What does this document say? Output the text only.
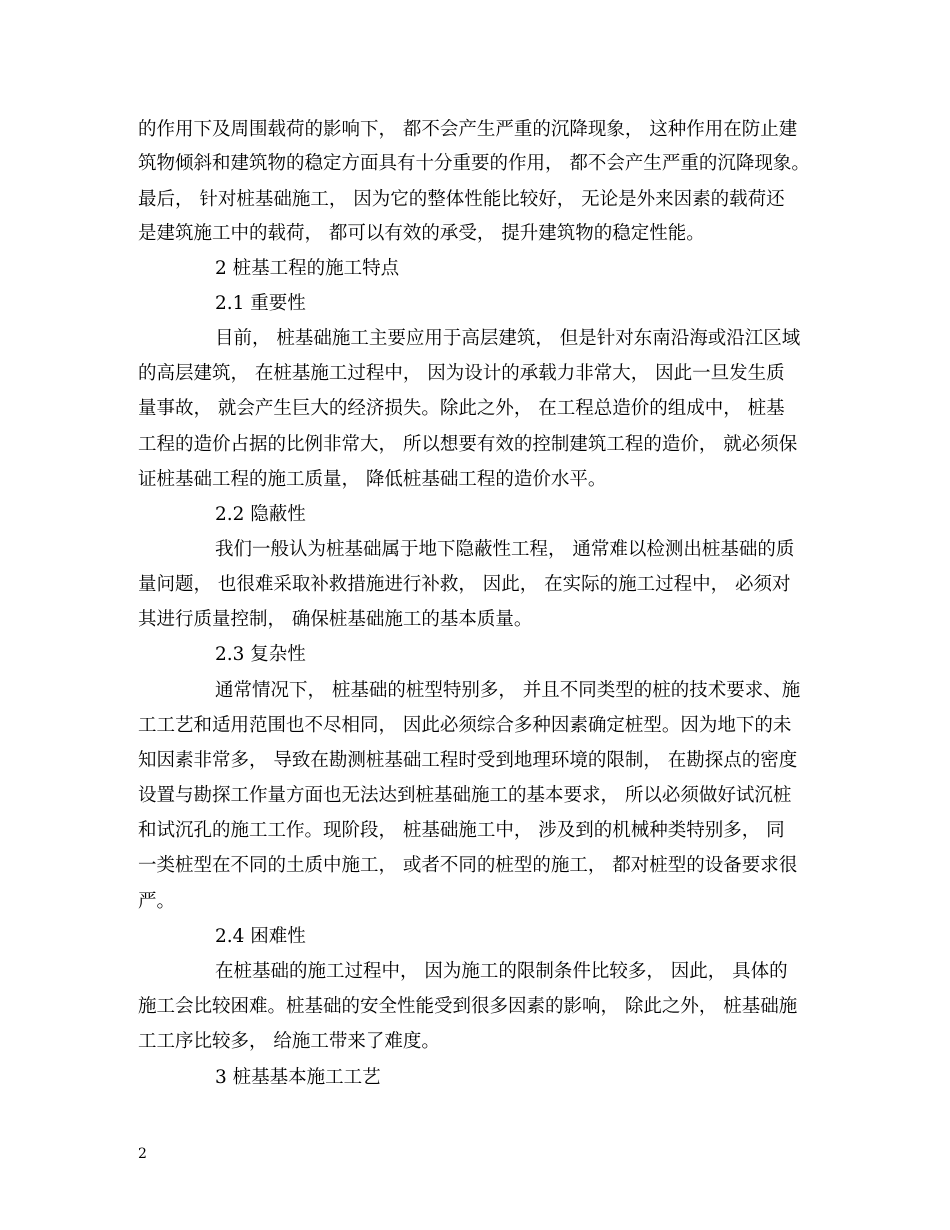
的作用下及周围载荷的影响下， 都不会产生严重的沉降现象， 这种作用在防止建
筑物倾斜和建筑物的稳定方面具有十分重要的作用， 都不会产生严重的沉降现象。
最后， 针对桩基础施工， 因为它的整体性能比较好， 无论是外来因素的载荷还
是建筑施工中的载荷， 都可以有效的承受， 提升建筑物的稳定性能。
2 桩基工程的施工特点
2.1 重要性
目前， 桩基础施工主要应用于高层建筑， 但是针对东南沿海或沿江区域
的高层建筑， 在桩基施工过程中， 因为设计的承载力非常大， 因此一旦发生质
量事故， 就会产生巨大的经济损失。除此之外， 在工程总造价的组成中， 桩基
工程的造价占据的比例非常大， 所以想要有效的控制建筑工程的造价， 就必须保
证桩基础工程的施工质量， 降低桩基础工程的造价水平。
2.2 隐蔽性
我们一般认为桩基础属于地下隐蔽性工程， 通常难以检测出桩基础的质
量问题， 也很难采取补救措施进行补救， 因此， 在实际的施工过程中， 必须对
其进行质量控制， 确保桩基础施工的基本质量。
2.3 复杂性
通常情况下， 桩基础的桩型特别多， 并且不同类型的桩的技术要求、施
工工艺和适用范围也不尽相同， 因此必须综合多种因素确定桩型。因为地下的未
知因素非常多， 导致在勘测桩基础工程时受到地理环境的限制， 在勘探点的密度
设置与勘探工作量方面也无法达到桩基础施工的基本要求， 所以必须做好试沉桩
和试沉孔的施工工作。现阶段， 桩基础施工中， 涉及到的机械种类特别多， 同
一类桩型在不同的土质中施工， 或者不同的桩型的施工， 都对桩型的设备要求很
严。
2.4 困难性
在桩基础的施工过程中， 因为施工的限制条件比较多， 因此， 具体的
施工会比较困难。桩基础的安全性能受到很多因素的影响， 除此之外， 桩基础施
工工序比较多， 给施工带来了难度。
3 桩基基本施工工艺
2
